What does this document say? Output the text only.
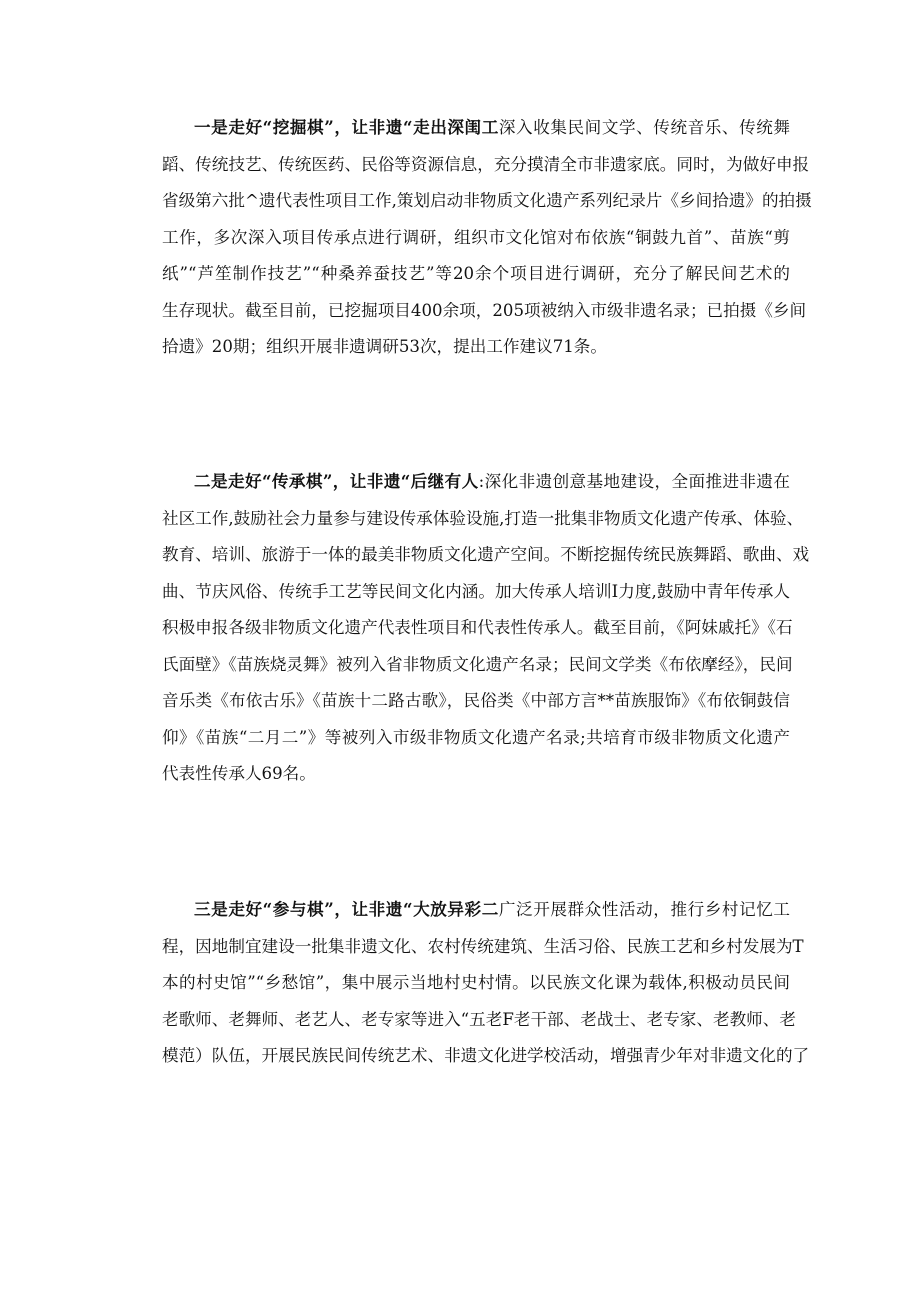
一是走好“挖掘棋”，让非遗“走出深闺工深入收集民间文学、传统音乐、传统舞
蹈、传统技艺、传统医药、民俗等资源信息，充分摸清全市非遗家底。同时，为做好申报
省级第六批^遗代表性项目工作,策划启动非物质文化遗产系列纪录片《乡间拾遗》的拍摄
工作，多次深入项目传承点进行调研，组织市文化馆对布依族“铜鼓九首”、苗族“剪
纸”“芦笙制作技艺”“种桑养蚕技艺”等20余个项目进行调研，充分了解民间艺术的
生存现状。截至目前，已挖掘项目400余项，205项被纳入市级非遗名录；已拍摄《乡间
拾遗》20期；组织开展非遗调研53次，提出工作建议71条。
二是走好“传承棋”，让非遗“后继有人:深化非遗创意基地建设，全面推进非遗在
社区工作,鼓励社会力量参与建设传承体验设施,打造一批集非物质文化遗产传承、体验、
教育、培训、旅游于一体的最美非物质文化遗产空间。不断挖掘传统民族舞蹈、歌曲、戏
曲、节庆风俗、传统手工艺等民间文化内涵。加大传承人培训I力度,鼓励中青年传承人
积极申报各级非物质文化遗产代表性项目和代表性传承人。截至目前，《阿妹戚托》《石
氏面壁》《苗族烧灵舞》被列入省非物质文化遗产名录；民间文学类《布依摩经》，民间
音乐类《布依古乐》《苗族十二路古歌》，民俗类《中部方言**苗族服饰》《布依铜鼓信
仰》《苗族“二月二”》等被列入市级非物质文化遗产名录;共培育市级非物质文化遗产
代表性传承人69名。
三是走好“参与棋”，让非遗“大放异彩二广泛开展群众性活动，推行乡村记忆工
程，因地制宜建设一批集非遗文化、农村传统建筑、生活习俗、民族工艺和乡村发展为T
本的村史馆”“乡愁馆”，集中展示当地村史村情。以民族文化课为载体,积极动员民间
老歌师、老舞师、老艺人、老专家等进入“五老F老干部、老战士、老专家、老教师、老
模范）队伍，开展民族民间传统艺术、非遗文化进学校活动，增强青少年对非遗文化的了
